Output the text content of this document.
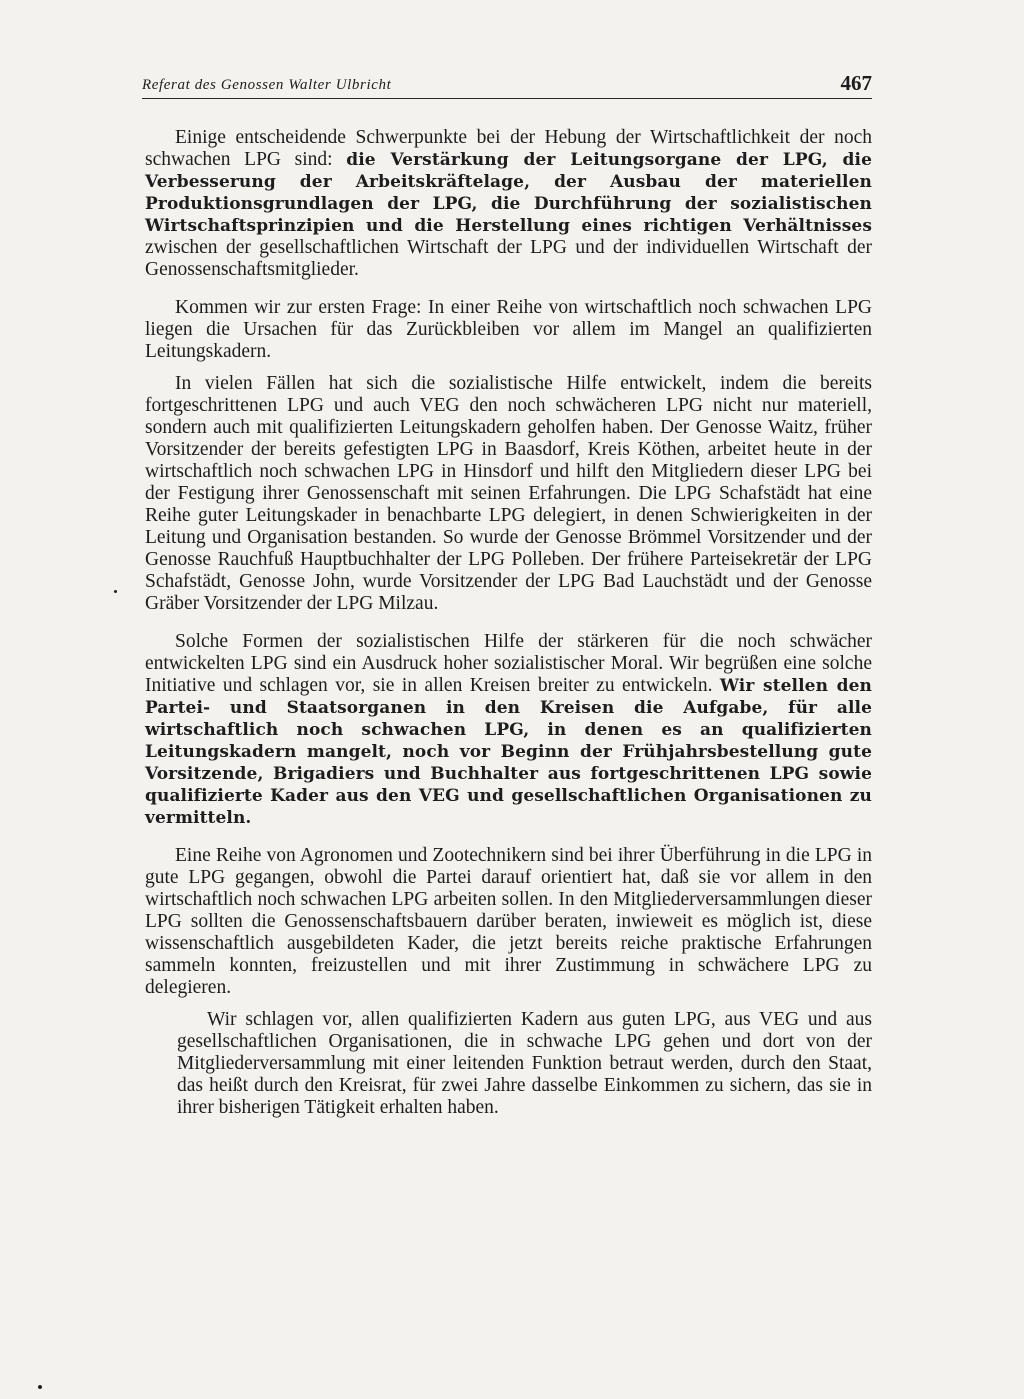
Referat des Genossen Walter Ulbricht	467

Einige entscheidende Schwerpunkte bei der Hebung der Wirtschaftlichkeit der noch schwachen LPG sind: die Verstärkung der Leitungsorgane der LPG, die Verbesserung der Arbeitskräftelage, der Ausbau der materiellen Produktionsgrundlagen der LPG, die Durchführung der sozialistischen Wirtschaftsprinzipien und die Herstellung eines richtigen Verhältnisses zwischen der gesellschaftlichen Wirtschaft der LPG und der individuellen Wirtschaft der Genossenschaftsmitglieder.

Kommen wir zur ersten Frage: In einer Reihe von wirtschaftlich noch schwachen LPG liegen die Ursachen für das Zurückbleiben vor allem im Mangel an qualifizierten Leitungskadern.

In vielen Fällen hat sich die sozialistische Hilfe entwickelt, indem die bereits fortgeschrittenen LPG und auch VEG den noch schwächeren LPG nicht nur materiell, sondern auch mit qualifizierten Leitungskadern geholfen haben. Der Genosse Waitz, früher Vorsitzender der bereits gefestigten LPG in Baasdorf, Kreis Köthen, arbeitet heute in der wirtschaftlich noch schwachen LPG in Hinsdorf und hilft den Mitgliedern dieser LPG bei der Festigung ihrer Genossenschaft mit seinen Erfahrungen. Die LPG Schafstädt hat eine Reihe guter Leitungskader in benachbarte LPG delegiert, in denen Schwierigkeiten in der Leitung und Organisation bestanden. So wurde der Genosse Brömmel Vorsitzender und der Genosse Rauchfuß Hauptbuchhalter der LPG Polleben. Der frühere Parteisekretär der LPG Schafstädt, Genosse John, wurde Vorsitzender der LPG Bad Lauchstädt und der Genosse Gräber Vorsitzender der LPG Milzau.

Solche Formen der sozialistischen Hilfe der stärkeren für die noch schwächer entwickelten LPG sind ein Ausdruck hoher sozialistischer Moral. Wir begrüßen eine solche Initiative und schlagen vor, sie in allen Kreisen breiter zu entwickeln. Wir stellen den Partei- und Staatsorganen in den Kreisen die Aufgabe, für alle wirtschaftlich noch schwachen LPG, in denen es an qualifizierten Leitungskadern mangelt, noch vor Beginn der Frühjahrsbestellung gute Vorsitzende, Brigadiers und Buchhalter aus fortgeschrittenen LPG sowie qualifizierte Kader aus den VEG und gesellschaftlichen Organisationen zu vermitteln.

Eine Reihe von Agronomen und Zootechnikern sind bei ihrer Überführung in die LPG in gute LPG gegangen, obwohl die Partei darauf orientiert hat, daß sie vor allem in den wirtschaftlich noch schwachen LPG arbeiten sollen. In den Mitgliederversammlungen dieser LPG sollten die Genossenschaftsbauern darüber beraten, inwieweit es möglich ist, diese wissenschaftlich ausgebildeten Kader, die jetzt bereits reiche praktische Erfahrungen sammeln konnten, freizustellen und mit ihrer Zustimmung in schwächere LPG zu delegieren.

Wir schlagen vor, allen qualifizierten Kadern aus guten LPG, aus VEG und aus gesellschaftlichen Organisationen, die in schwache LPG gehen und dort von der Mitgliederversammlung mit einer leitenden Funktion betraut werden, durch den Staat, das heißt durch den Kreisrat, für zwei Jahre dasselbe Einkommen zu sichern, das sie in ihrer bisherigen Tätigkeit erhalten haben.
